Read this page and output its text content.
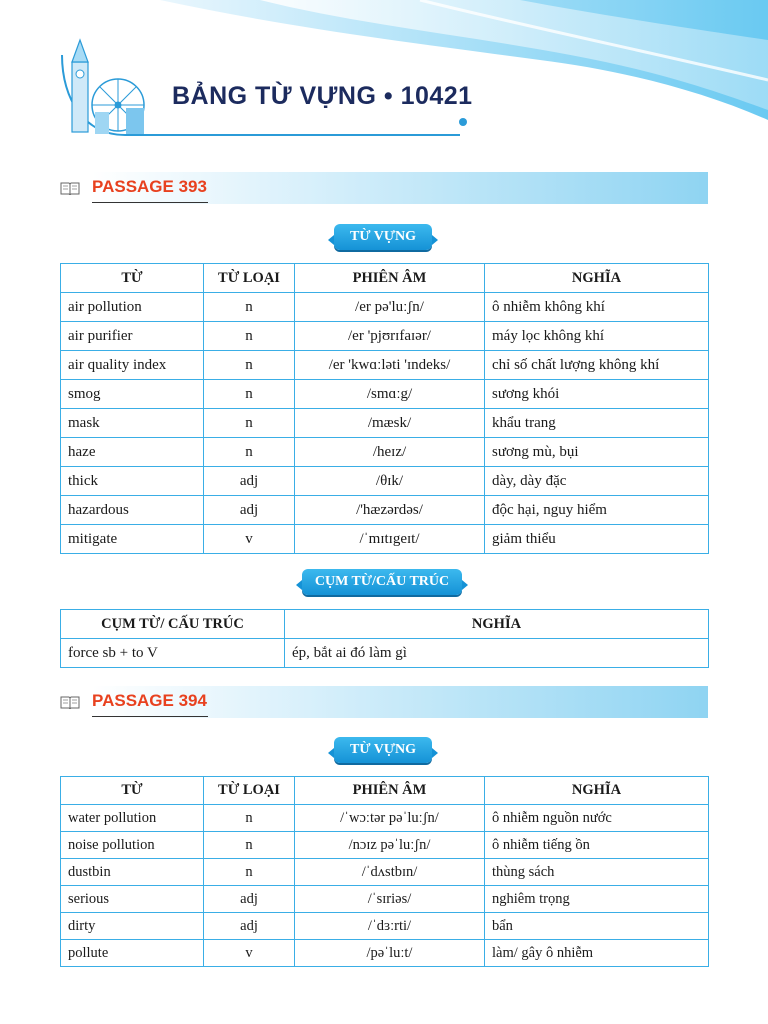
BẢNG TỪ VỰNG • 10421
PASSAGE 393
TỪ VỰNG
TỪ	TỪ LOẠI	PHIÊN ÂM	NGHĨA
air pollution	n	/er pə'luːʃn/	ô nhiễm không khí
air purifier	n	/er 'pjʊrɪfaɪər/	máy lọc không khí
air quality index	n	/er 'kwɑːləti 'ɪndeks/	chỉ số chất lượng không khí
smog	n	/smɑːg/	sương khói
mask	n	/mæsk/	khẩu trang
haze	n	/heɪz/	sương mù, bụi
thick	adj	/θɪk/	dày, dày đặc
hazardous	adj	/'hæzərdəs/	độc hại, nguy hiểm
mitigate	v	/ˈmɪtɪgeɪt/	giảm thiểu
CỤM TỪ/CẤU TRÚC
CỤM TỪ/ CẤU TRÚC	NGHĨA
force sb + to V	ép, bắt ai đó làm gì
PASSAGE 394
TỪ VỰNG
TỪ	TỪ LOẠI	PHIÊN ÂM	NGHĨA
water pollution	n	/ˈwɔːtər pəˈluːʃn/	ô nhiễm nguồn nước
noise pollution	n	/nɔɪz pəˈluːʃn/	ô nhiễm tiếng ồn
dustbin	n	/ˈdʌstbɪn/	thùng sách
serious	adj	/ˈsɪriəs/	nghiêm trọng
dirty	adj	/ˈdɜːrti/	bẩn
pollute	v	/pəˈluːt/	làm/ gây ô nhiễm
